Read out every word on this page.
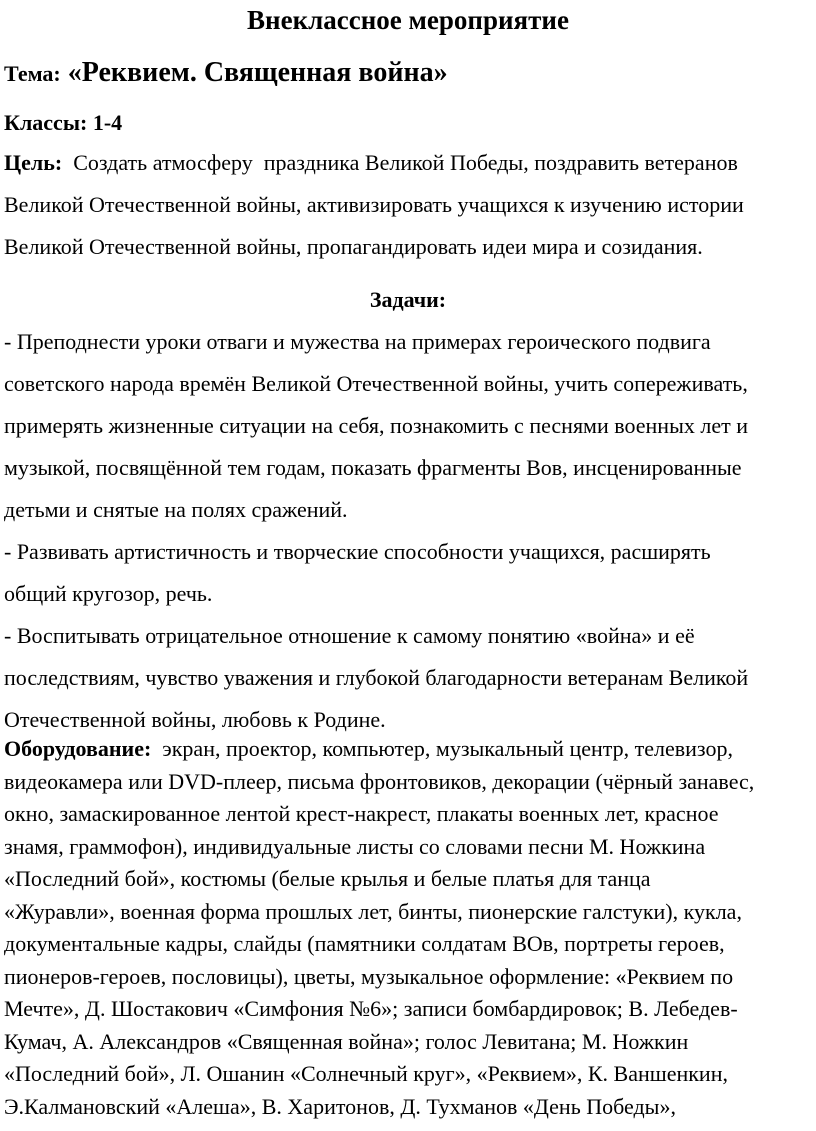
Внеклассное мероприятие

Тема: «Реквием. Священная война»

Классы: 1-4

Цель:  Создать атмосферу  праздника Великой Победы, поздравить ветеранов
Великой Отечественной войны, активизировать учащихся к изучению истории
Великой Отечественной войны, пропагандировать идеи мира и созидания.
Задачи:
- Преподнести уроки отваги и мужества на примерах героического подвига
советского народа времён Великой Отечественной войны, учить сопереживать,
примерять жизненные ситуации на себя, познакомить с песнями военных лет и
музыкой, посвящённой тем годам, показать фрагменты Вов, инсценированные
детьми и снятые на полях сражений.
- Развивать артистичность и творческие способности учащихся, расширять
общий кругозор, речь.
- Воспитывать отрицательное отношение к самому понятию «война» и её
последствиям, чувство уважения и глубокой благодарности ветеранам Великой
Отечественной войны, любовь к Родине.
Оборудование:  экран, проектор, компьютер, музыкальный центр, телевизор,
видеокамера или DVD-плеер, письма фронтовиков, декорации (чёрный занавес,
окно, замаскированное лентой крест-накрест, плакаты военных лет, красное
знамя, граммофон), индивидуальные листы со словами песни М. Ножкина
«Последний бой», костюмы (белые крылья и белые платья для танца
«Журавли», военная форма прошлых лет, бинты, пионерские галстуки), кукла,
документальные кадры, слайды (памятники солдатам ВОв, портреты героев,
пионеров-героев, пословицы), цветы, музыкальное оформление: «Реквием по
Мечте», Д. Шостакович «Симфония №6»; записи бомбардировок; В. Лебедев-
Кумач, А. Александров «Священная война»; голос Левитана; М. Ножкин
«Последний бой», Л. Ошанин «Солнечный круг», «Реквием», К. Ваншенкин,
Э.Калмановский «Алеша», В. Харитонов, Д. Тухманов «День Победы»,
